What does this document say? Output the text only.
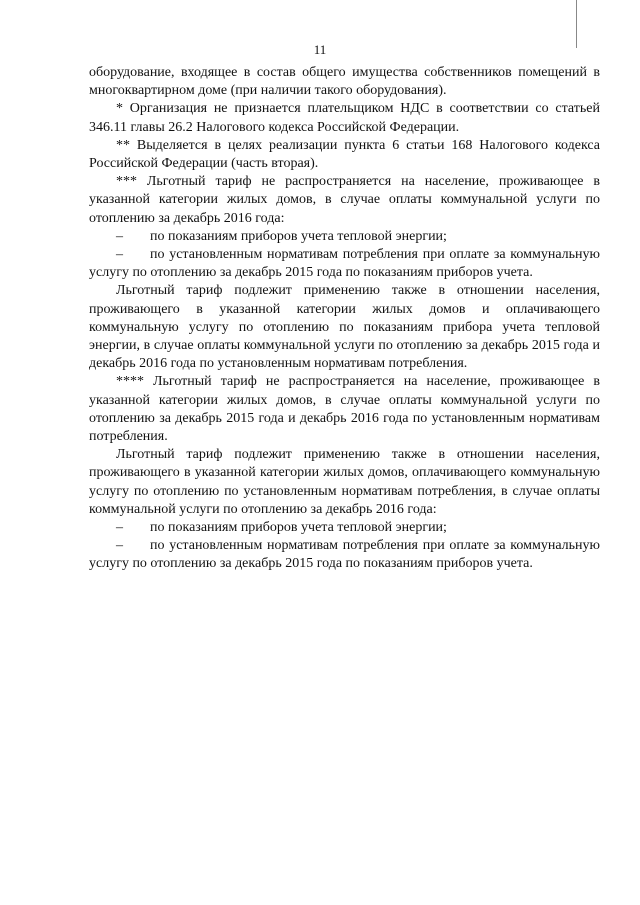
11

оборудование, входящее в состав общего имущества собственников помещений в многоквартирном доме (при наличии такого оборудования).

* Организация не признается плательщиком НДС в соответствии со статьей 346.11 главы 26.2 Налогового кодекса Российской Федерации.

** Выделяется в целях реализации пункта 6 статьи 168 Налогового кодекса Российской Федерации (часть вторая).

*** Льготный тариф не распространяется на население, проживающее в указанной категории жилых домов, в случае оплаты коммунальной услуги по отоплению за декабрь 2016 года:

– по показаниям приборов учета тепловой энергии;

– по установленным нормативам потребления при оплате за коммунальную услугу по отоплению за декабрь 2015 года по показаниям приборов учета.

Льготный тариф подлежит применению также в отношении населения, проживающего в указанной категории жилых домов и оплачивающего коммунальную услугу по отоплению по показаниям прибора учета тепловой энергии, в случае оплаты коммунальной услуги по отоплению за декабрь 2015 года и декабрь 2016 года по установленным нормативам потребления.

**** Льготный тариф не распространяется на население, проживающее в указанной категории жилых домов, в случае оплаты коммунальной услуги по отоплению за декабрь 2015 года и декабрь 2016 года по установленным нормативам потребления.

Льготный тариф подлежит применению также в отношении населения, проживающего в указанной категории жилых домов, оплачивающего коммунальную услугу по отоплению по установленным нормативам потребления, в случае оплаты коммунальной услуги по отоплению за декабрь 2016 года:

– по показаниям приборов учета тепловой энергии;

– по установленным нормативам потребления при оплате за коммунальную услугу по отоплению за декабрь 2015 года по показаниям приборов учета.
